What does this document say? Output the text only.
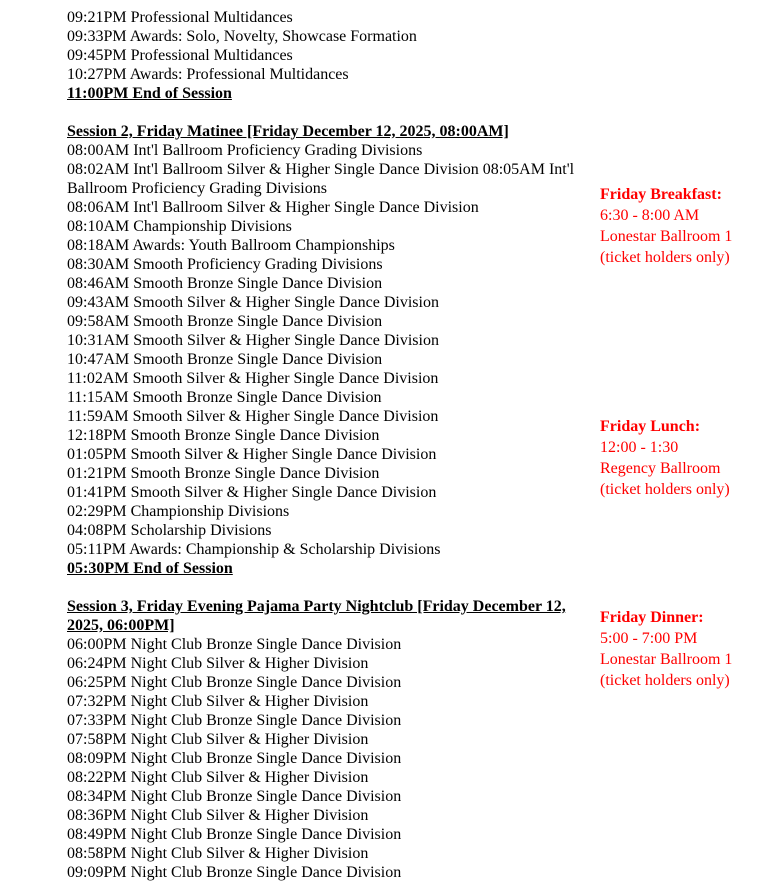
09:21PM Professional Multidances

09:33PM Awards: Solo, Novelty, Showcase Formation

09:45PM Professional Multidances

10:27PM Awards: Professional Multidances

11:00PM End of Session

Session 2, Friday Matinee [Friday December 12, 2025, 08:00AM]

08:00AM Int'l Ballroom Proficiency Grading Divisions

08:02AM Int'l Ballroom Silver & Higher Single Dance Division 08:05AM Int'l Ballroom Proficiency Grading Divisions

08:06AM Int'l Ballroom Silver & Higher Single Dance Division

08:10AM Championship Divisions

08:18AM Awards: Youth Ballroom Championships

08:30AM Smooth Proficiency Grading Divisions

08:46AM Smooth Bronze Single Dance Division

09:43AM Smooth Silver & Higher Single Dance Division

09:58AM Smooth Bronze Single Dance Division

10:31AM Smooth Silver & Higher Single Dance Division

10:47AM Smooth Bronze Single Dance Division

11:02AM Smooth Silver & Higher Single Dance Division

11:15AM Smooth Bronze Single Dance Division

11:59AM Smooth Silver & Higher Single Dance Division

12:18PM Smooth Bronze Single Dance Division

01:05PM Smooth Silver & Higher Single Dance Division

01:21PM Smooth Bronze Single Dance Division

01:41PM Smooth Silver & Higher Single Dance Division

02:29PM Championship Divisions

04:08PM Scholarship Divisions

05:11PM Awards: Championship & Scholarship Divisions

05:30PM End of Session

Session 3, Friday Evening Pajama Party Nightclub [Friday December 12, 2025, 06:00PM]

06:00PM Night Club Bronze Single Dance Division

06:24PM Night Club Silver & Higher Division

06:25PM Night Club Bronze Single Dance Division

07:32PM Night Club Silver & Higher Division

07:33PM Night Club Bronze Single Dance Division

07:58PM Night Club Silver & Higher Division

08:09PM Night Club Bronze Single Dance Division

08:22PM Night Club Silver & Higher Division

08:34PM Night Club Bronze Single Dance Division

08:36PM Night Club Silver & Higher Division

08:49PM Night Club Bronze Single Dance Division

08:58PM Night Club Silver & Higher Division

09:09PM Night Club Bronze Single Dance Division

Friday Breakfast:

6:30 - 8:00 AM

Lonestar Ballroom 1

(ticket holders only)

Friday Lunch:

12:00 - 1:30

Regency Ballroom

(ticket holders only)

Friday Dinner:

5:00 - 7:00 PM

Lonestar Ballroom 1

(ticket holders only)
